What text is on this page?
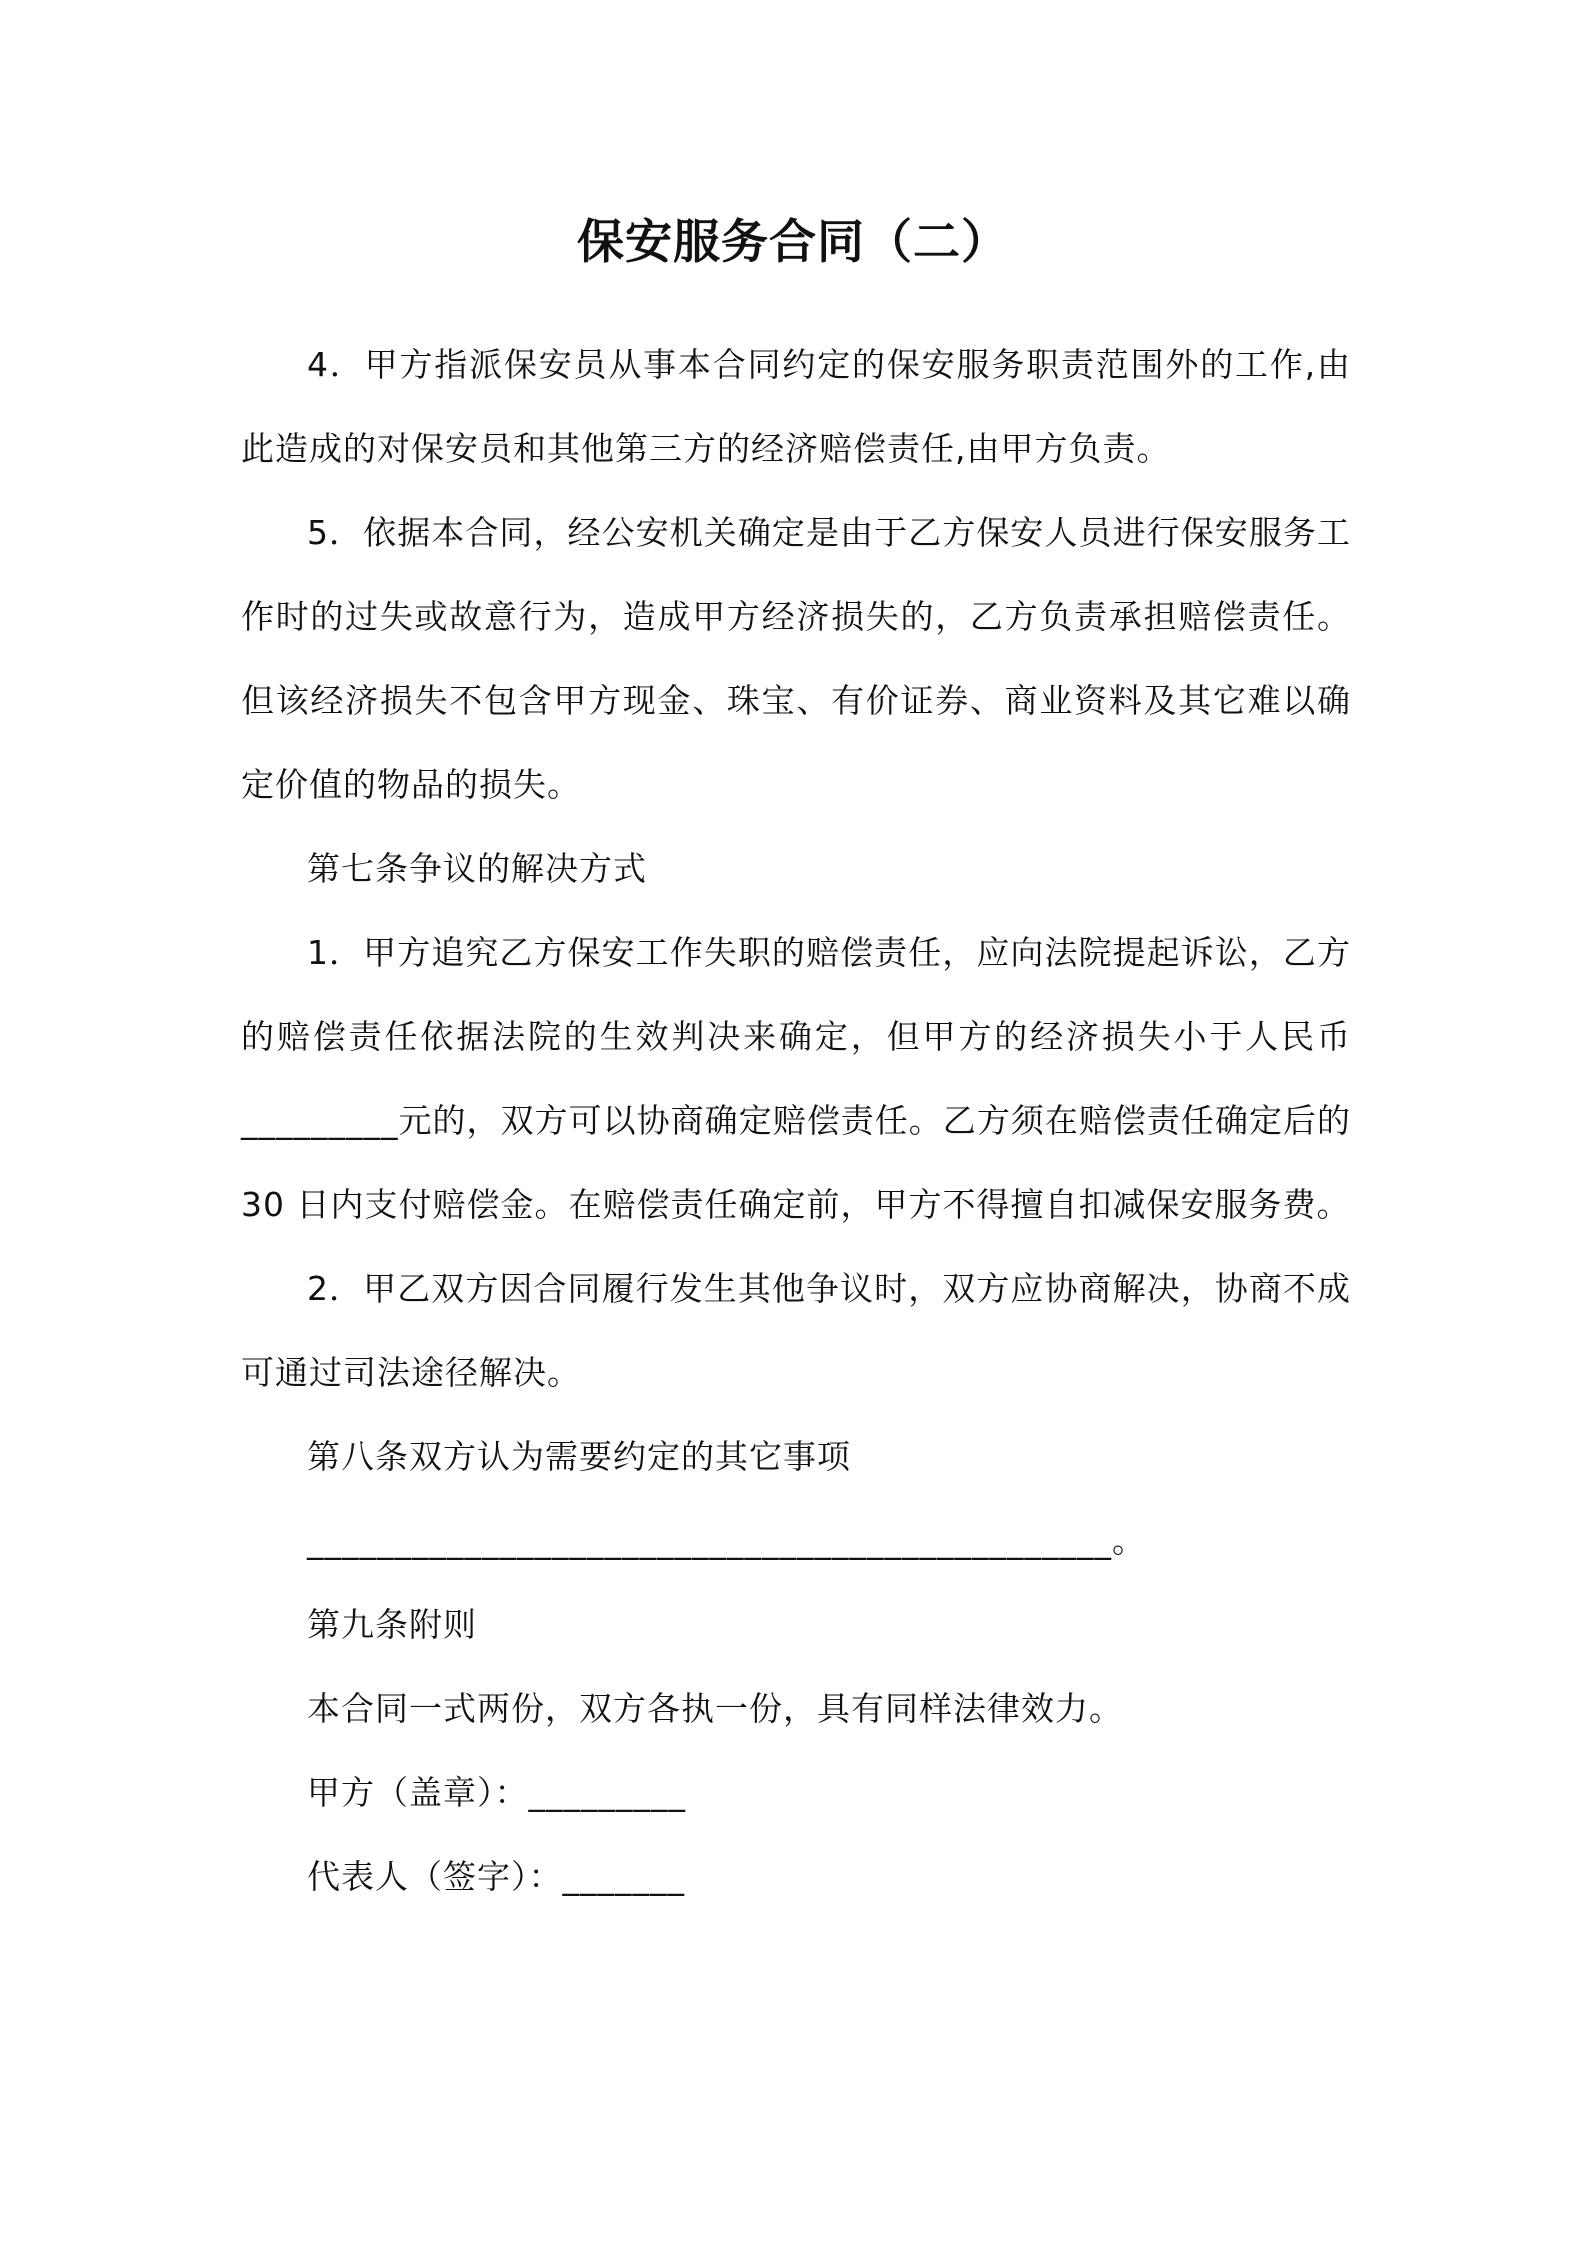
保安服务合同（二）

4．甲方指派保安员从事本合同约定的保安服务职责范围外的工作,由此造成的对保安员和其他第三方的经济赔偿责任,由甲方负责。

5．依据本合同，经公安机关确定是由于乙方保安人员进行保安服务工作时的过失或故意行为，造成甲方经济损失的，乙方负责承担赔偿责任。但该经济损失不包含甲方现金、珠宝、有价证券、商业资料及其它难以确定价值的物品的损失。

第七条争议的解决方式

1．甲方追究乙方保安工作失职的赔偿责任，应向法院提起诉讼，乙方的赔偿责任依据法院的生效判决来确定，但甲方的经济损失小于人民币_________元的，双方可以协商确定赔偿责任。乙方须在赔偿责任确定后的 30 日内支付赔偿金。在赔偿责任确定前，甲方不得擅自扣减保安服务费。

2．甲乙双方因合同履行发生其他争议时，双方应协商解决，协商不成可通过司法途径解决。

第八条双方认为需要约定的其它事项

______________________________________________。

第九条附则

本合同一式两份，双方各执一份，具有同样法律效力。

甲方（盖章）：_________

代表人（签字）：_______
